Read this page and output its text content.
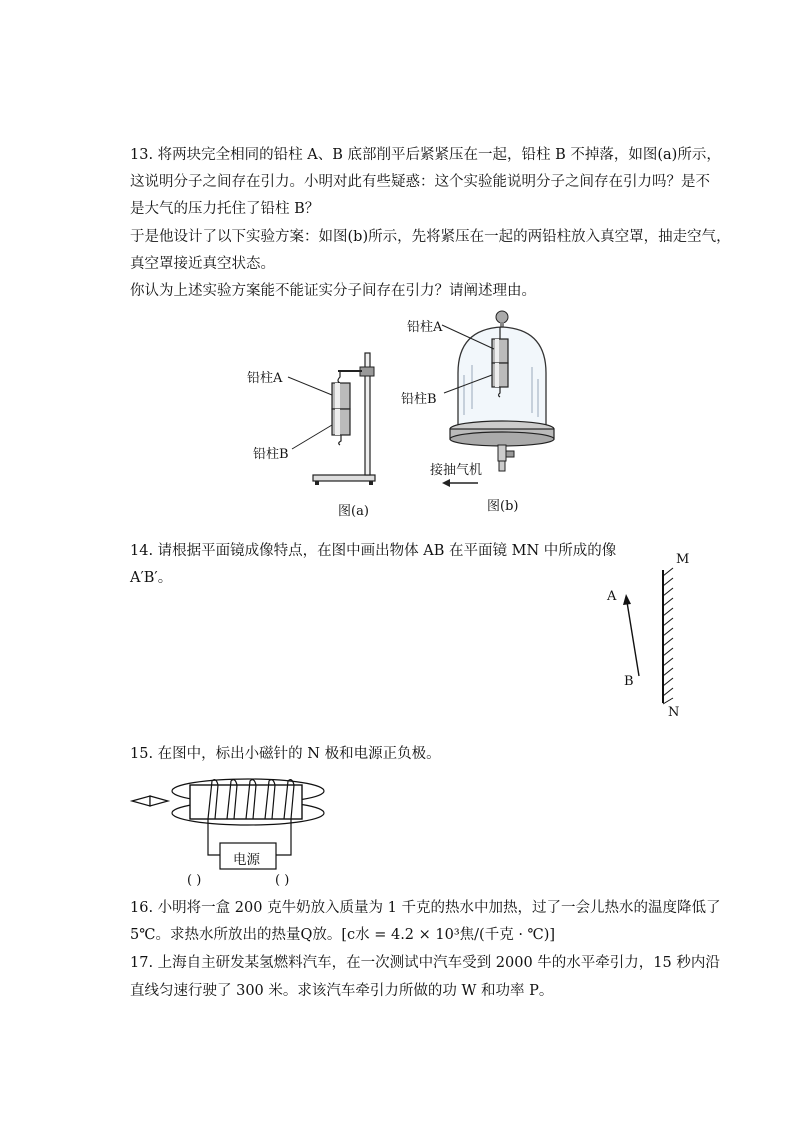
13. 将两块完全相同的铅柱 A、B 底部削平后紧紧压在一起，铅柱 B 不掉落，如图(a)所示，
这说明分子之间存在引力。小明对此有些疑惑：这个实验能说明分子之间存在引力吗？是不
是大气的压力托住了铅柱 B？
于是他设计了以下实验方案：如图(b)所示，先将紧压在一起的两铅柱放入真空罩，抽走空气，
真空罩接近真空状态。
你认为上述实验方案能不能证实分子间存在引力？请阐述理由。
铅柱A
铅柱B
图(a)
铅柱A
铅柱B
接抽气机
图(b)
14. 请根据平面镜成像特点，在图中画出物体 AB 在平面镜 MN 中所成的像
A′B′。
M
N
A
B
15. 在图中，标出小磁针的 N 极和电源正负极。
电源
( )	( )
16. 小明将一盒 200 克牛奶放入质量为 1 千克的热水中加热，过了一会儿热水的温度降低了
5℃。求热水所放出的热量Q放。[c水 = 4.2 × 10³焦/(千克 · ℃)]
17. 上海自主研发某氢燃料汽车，在一次测试中汽车受到 2000 牛的水平牵引力，15 秒内沿
直线匀速行驶了 300 米。求该汽车牵引力所做的功 W 和功率 P。
